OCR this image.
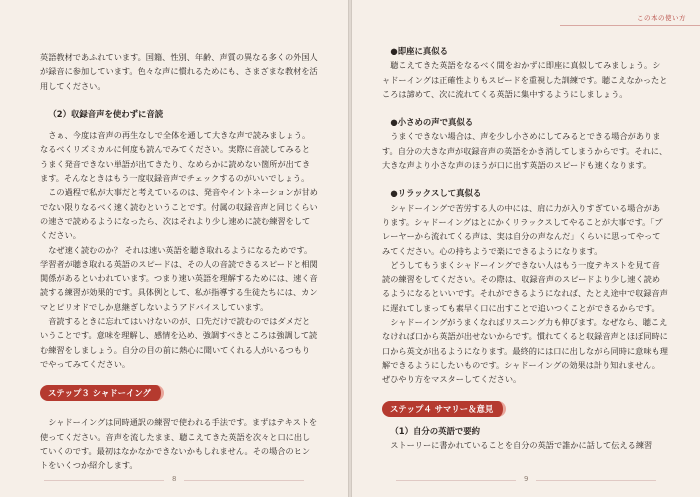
英語教材であふれています。国籍、性別、年齢、声質の異なる多くの外国人が録音に参加しています。色々な声に慣れるためにも、さまざまな教材を活用してください。

（2）収録音声を使わずに音読

さぁ、今度は音声の再生なしで全体を通して大きな声で読みましょう。なるべくリズミカルに何度も読んでみてください。実際に音読してみるとうまく発音できない単語が出てきたり、なめらかに読めない箇所が出てきます。そんなときはもう一度収録音声でチェックするのがいいでしょう。

この過程で私が大事だと考えているのは、発音やイントネーションが甘めでない限りなるべく速く読むということです。付属の収録音声と同じくらいの速さで読めるようになったら、次はそれより少し速めに読む練習をしてください。

なぜ速く読むのか？ それは速い英語を聴き取れるようになるためです。学習者が聴き取れる英語のスピードは、その人の音読できるスピードと相関関係があるといわれています。つまり速い英語を理解するためには、速く音読する練習が効果的です。具体例として、私が指導する生徒たちには、カンマとピリオドでしか息継ぎしないようアドバイスしています。

音読するときに忘れてはいけないのが、口先だけで読むのではダメだということです。意味を理解し、感情を込め、強調すべきところは強調して読む練習をしましょう。自分の目の前に熱心に聞いてくれる人がいるつもりでやってみてください。

ステップ３ シャドーイング

シャドーイングは同時通訳の練習で使われる手法です。まずはテキストを使ってください。音声を流したまま、聴こえてきた英語を次々と口に出していくのです。最初はなかなかできないかもしれません。その場合のヒントをいくつか紹介します。

8
この本の使い方

●即座に真似る

聴こえてきた英語をなるべく間をおかずに即座に真似してみましょう。シャドーイングは正確性よりもスピードを重視した訓練です。聴こえなかったところは諦めて、次に流れてくる英語に集中するようにしましょう。

●小さめの声で真似る

うまくできない場合は、声を少し小さめにしてみるとできる場合があります。自分の大きな声が収録音声の英語をかき消してしまうからです。それに、大きな声より小さな声のほうが口に出す英語のスピードも速くなります。

●リラックスして真似る

シャドーイングで苦労する人の中には、肩に力が入りすぎている場合があります。シャドーイングはとにかくリラックスしてやることが大事です。「プレーヤーから流れてくる声は、実は自分の声なんだ」くらいに思ってやってみてください。心の持ちようで楽にできるようになります。

どうしてもうまくシャドーイングできない人はもう一度テキストを見て音読の練習をしてください。その際は、収録音声のスピードより少し速く読めるようになるといいです。それができるようになれば、たとえ途中で収録音声に遅れてしまっても素早く口に出すことで追いつくことができるからです。

シャドーイングがうまくなればリスニング力も伸びます。なぜなら、聴こえなければ口から英語が出せないからです。慣れてくると収録音声とほぼ同時に口から英文が出るようになります。最終的には口に出しながら同時に意味も理解できるようにしたいものです。シャドーイングの効果は計り知れません。ぜひやり方をマスターしてください。

ステップ４ サマリー＆意見

（1）自分の英語で要約

ストーリーに書かれていることを自分の英語で誰かに話して伝える練習

9
